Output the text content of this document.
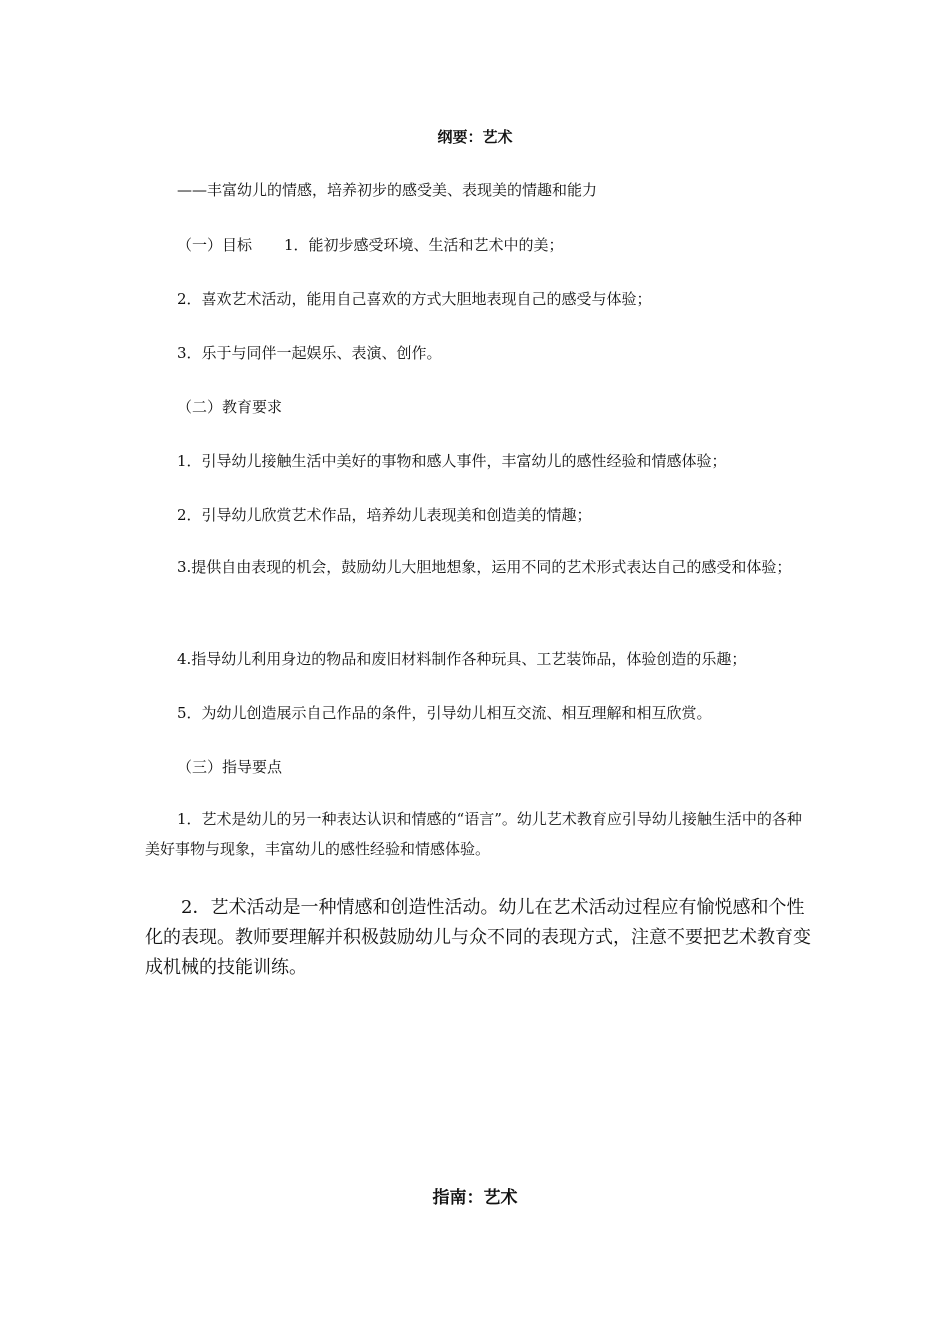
纲要：艺术
——丰富幼儿的情感，培养初步的感受美、表现美的情趣和能力
（一）目标 1．能初步感受环境、生活和艺术中的美；
2．喜欢艺术活动，能用自己喜欢的方式大胆地表现自己的感受与体验；
3．乐于与同伴一起娱乐、表演、创作。
（二）教育要求
1．引导幼儿接触生活中美好的事物和感人事件，丰富幼儿的感性经验和情感体验；
2．引导幼儿欣赏艺术作品，培养幼儿表现美和创造美的情趣；
3.提供自由表现的机会，鼓励幼儿大胆地想象，运用不同的艺术形式表达自己的感受和体验；
4.指导幼儿利用身边的物品和废旧材料制作各种玩具、工艺装饰品，体验创造的乐趣；
5．为幼儿创造展示自己作品的条件，引导幼儿相互交流、相互理解和相互欣赏。
（三）指导要点
1．艺术是幼儿的另一种表达认识和情感的“语言”。幼儿艺术教育应引导幼儿接触生活中的各种美好事物与现象，丰富幼儿的感性经验和情感体验。
2．艺术活动是一种情感和创造性活动。幼儿在艺术活动过程应有愉悦感和个性化的表现。教师要理解并积极鼓励幼儿与众不同的表现方式，注意不要把艺术教育变成机械的技能训练。
指南：艺术
